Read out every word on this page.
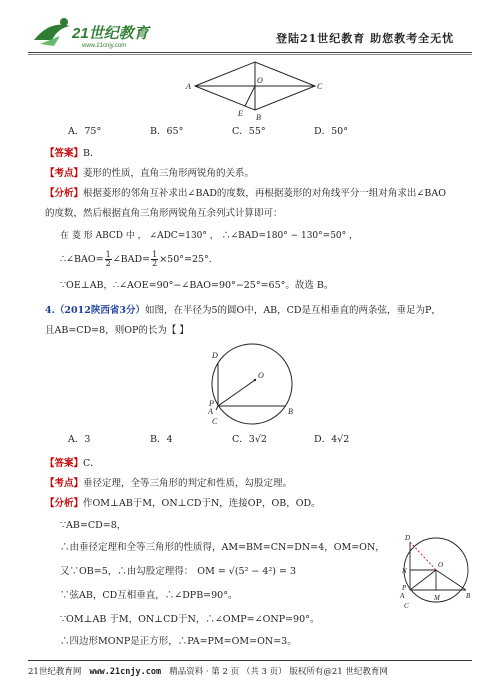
21世纪教育
www.21cnjy.com
登陆21世纪教育 助您教考全无忧
A	C
O
B
E
A．75°	B．65°	C．55°	D．50°
【答案】B．
【考点】菱形的性质，直角三角形两锐角的关系。
【分析】根据菱形的邻角互补求出∠BAD的度数，再根据菱形的对角线平分一组对角求出∠BAO
的度数，然后根据直角三角形两锐角互余列式计算即可：
在 菱 形 ABCD 中 ， ∠ADC=130° ， ∴∠BAD=180° − 130°=50° ，
∴∠BAO= $\frac{1}{2}$ ∠BAD= $\frac{1}{2} \times 50^\circ=25^\circ$.
∵OE⊥AB，∴∠AOE=90°−∠BAO=90°−25°=65°。故选 B。
4.（2012陕西省3分）如图，在半径为5的圆O中，AB，CD是互相垂直的两条弦，垂足为P，
且AB=CD=8，则OP的长为【 】
D
O
P
A
C
B
A．3	B．4	C．3√2	D．4√2
【答案】C．
【考点】垂径定理，全等三角形的判定和性质，勾股定理。
【分析】作OM⊥AB于M，ON⊥CD于N，连接OP，OB，OD。
∵AB=CD=8，
∴由垂径定理和全等三角形的性质得，AM=BM=CN=DN=4，OM=ON，
又∵OB=5，∴由勾股定理得： OM = √(5² − 4²) = 3
∵弦AB，CD互相垂直，∴∠DPB=90°。
∵OM⊥AB 于M，ON⊥CD于N，∴∠OMP=∠ONP=90°。
∴四边形MONP是正方形，∴PA=PM=OM=ON=3。
D
O
N
P
A
C
M	B
21世纪教育网 www.21cnjy.com 精品资料 · 第 2 页 （共 3 页） 版权所有@21 世纪教育网
